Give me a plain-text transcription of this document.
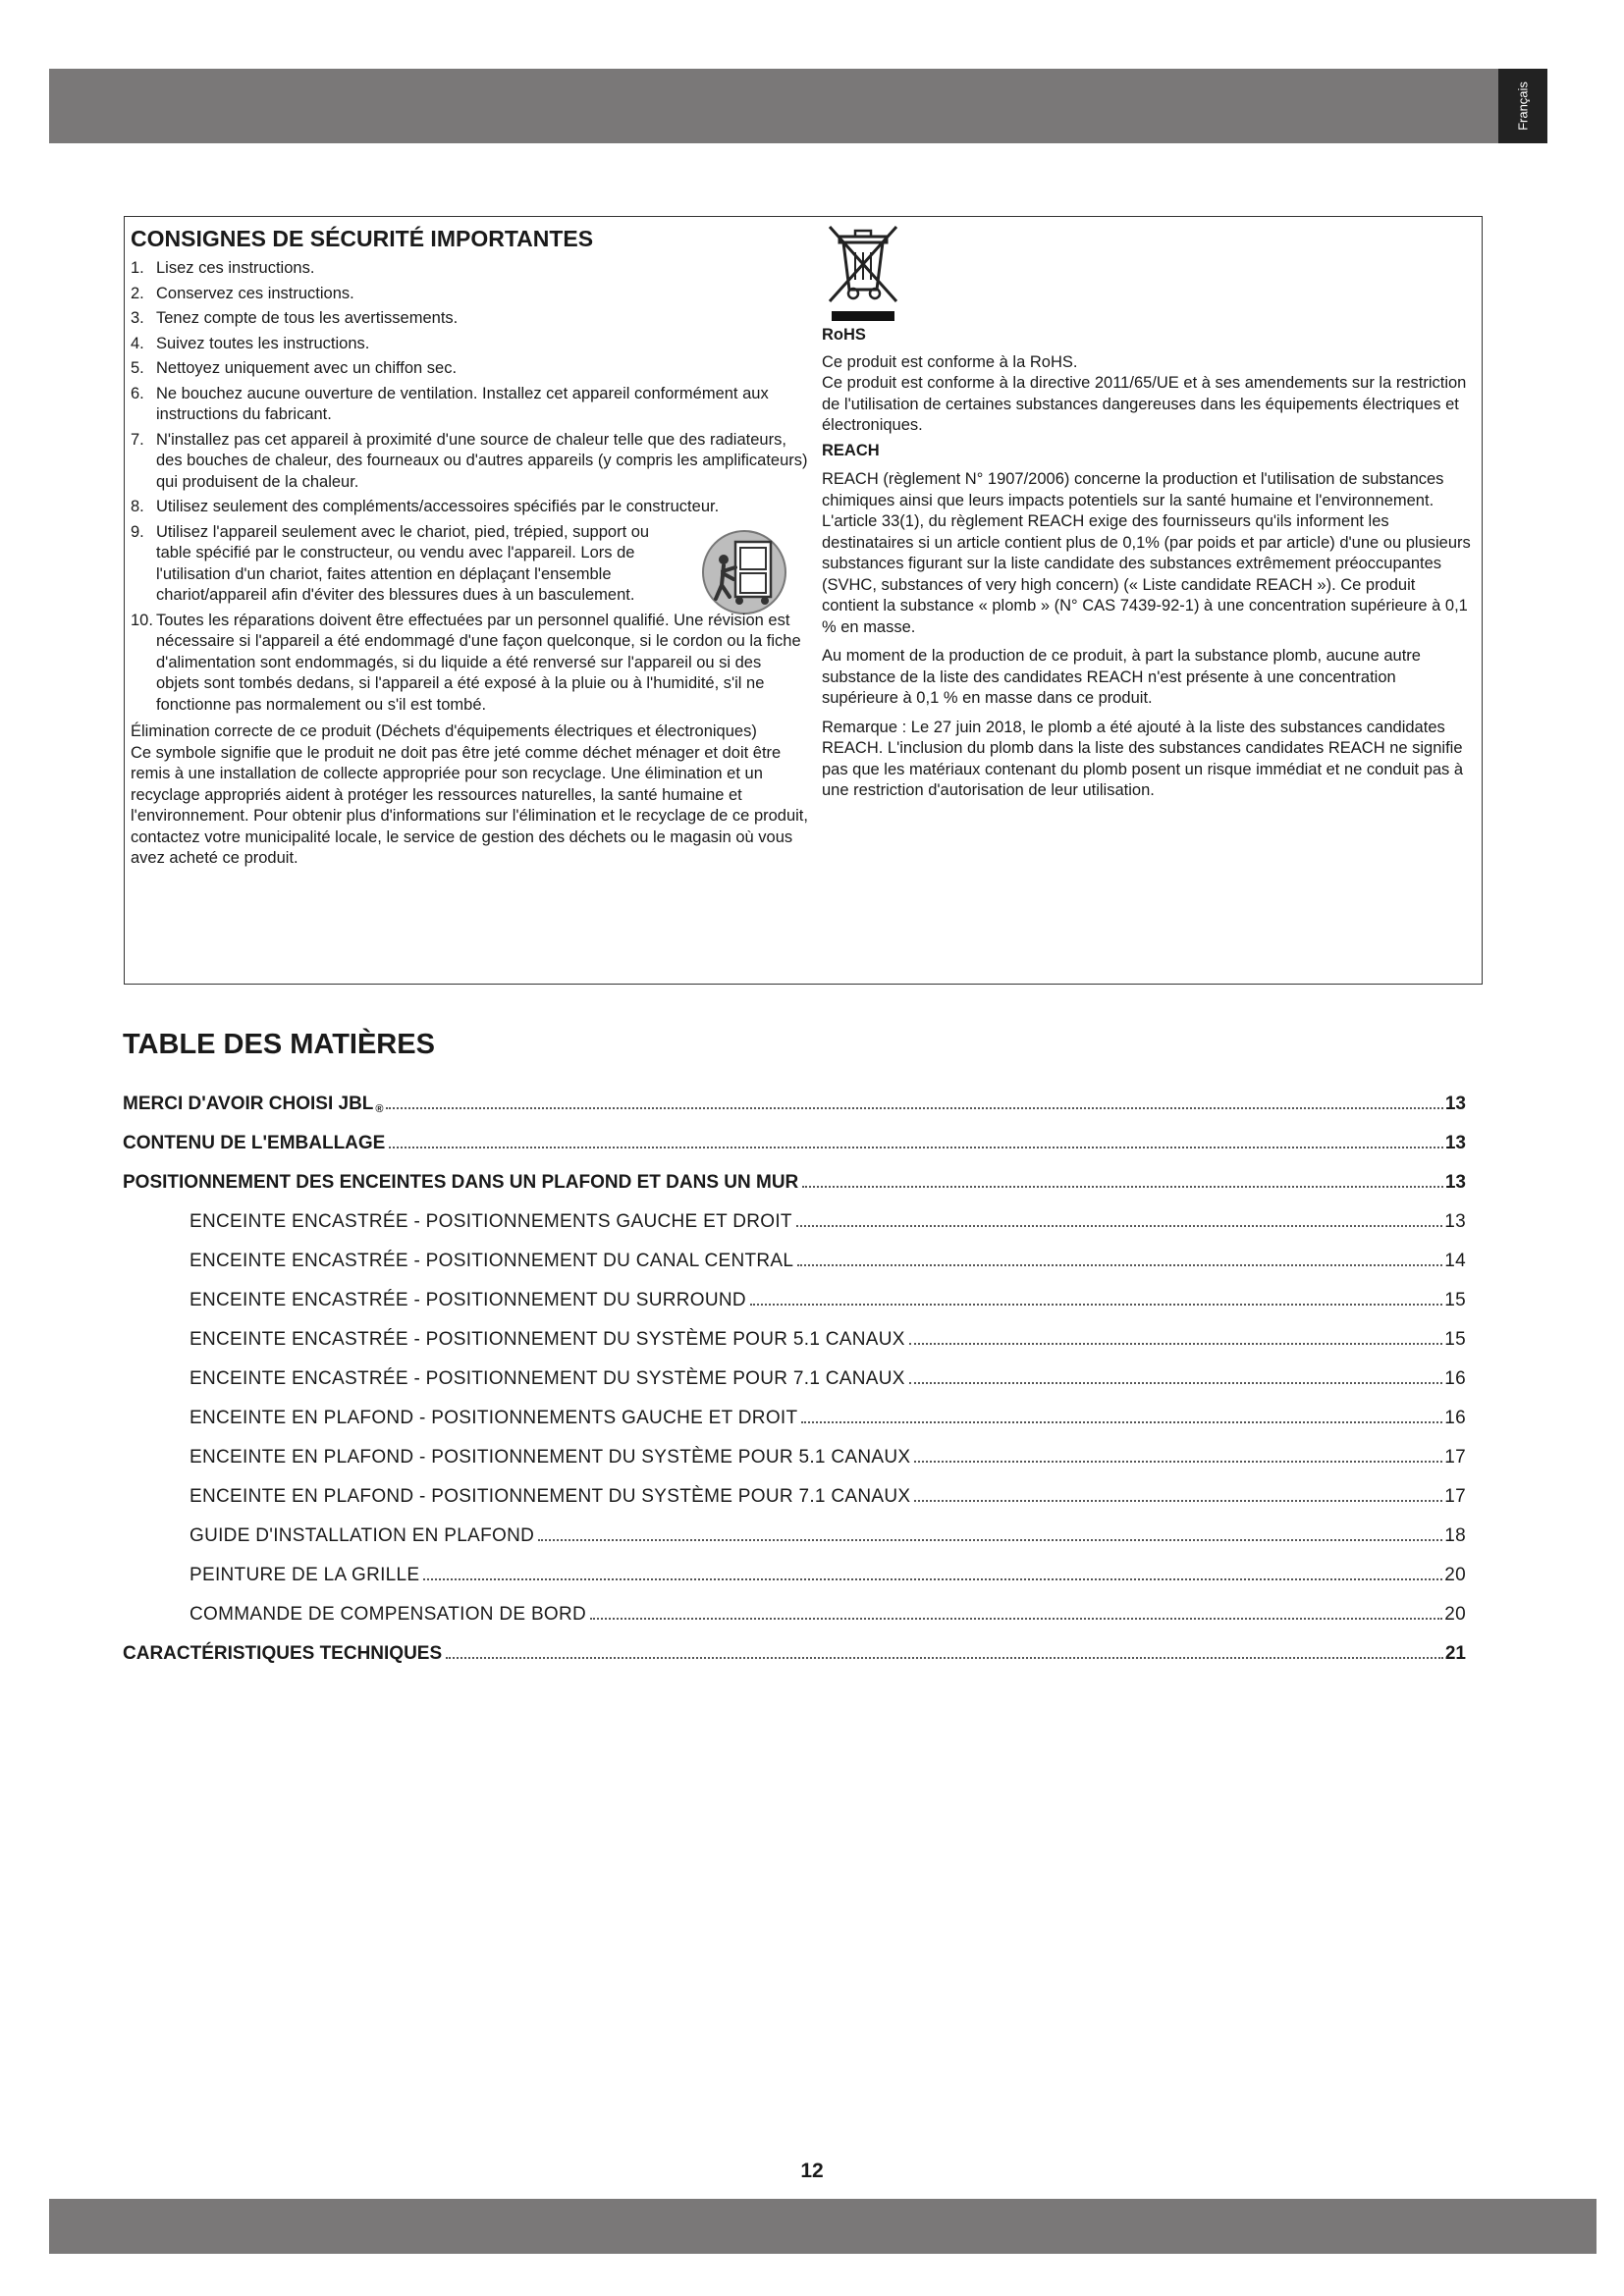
Français
CONSIGNES DE SÉCURITÉ IMPORTANTES
1. Lisez ces instructions.
2. Conservez ces instructions.
3. Tenez compte de tous les avertissements.
4. Suivez toutes les instructions.
5. Nettoyez uniquement avec un chiffon sec.
6. Ne bouchez aucune ouverture de ventilation. Installez cet appareil conformément aux instructions du fabricant.
7. N'installez pas cet appareil à proximité d'une source de chaleur telle que des radiateurs, des bouches de chaleur, des fourneaux ou d'autres appareils (y compris les amplificateurs) qui produisent de la chaleur.
8. Utilisez seulement des compléments/accessoires spécifiés par le constructeur.
9. Utilisez l'appareil seulement avec le chariot, pied, trépied, support ou table spécifié par le constructeur, ou vendu avec l'appareil. Lors de l'utilisation d'un chariot, faites attention en déplaçant l'ensemble chariot/appareil afin d'éviter des blessures dues à un basculement.
10. Toutes les réparations doivent être effectuées par un personnel qualifié. Une révision est nécessaire si l'appareil a été endommagé d'une façon quelconque, si le cordon ou la fiche d'alimentation sont endommagés, si du liquide a été renversé sur l'appareil ou si des objets sont tombés dedans, si l'appareil a été exposé à la pluie ou à l'humidité, s'il ne fonctionne pas normalement ou s'il est tombé.
Élimination correcte de ce produit (Déchets d'équipements électriques et électroniques)
Ce symbole signifie que le produit ne doit pas être jeté comme déchet ménager et doit être remis à une installation de collecte appropriée pour son recyclage. Une élimination et un recyclage appropriés aident à protéger les ressources naturelles, la santé humaine et l'environnement. Pour obtenir plus d'informations sur l'élimination et le recyclage de ce produit, contactez votre municipalité locale, le service de gestion des déchets ou le magasin où vous avez acheté ce produit.
RoHS
Ce produit est conforme à la RoHS.
Ce produit est conforme à la directive 2011/65/UE et à ses amendements sur la restriction de l'utilisation de certaines substances dangereuses dans les équipements électriques et électroniques.
REACH
REACH (règlement N° 1907/2006) concerne la production et l'utilisation de substances chimiques ainsi que leurs impacts potentiels sur la santé humaine et l'environnement. L'article 33(1), du règlement REACH exige des fournisseurs qu'ils informent les destinataires si un article contient plus de 0,1% (par poids et par article) d'une ou plusieurs substances figurant sur la liste candidate des substances extrêmement préoccupantes (SVHC, substances of very high concern) (« Liste candidate REACH »). Ce produit contient la substance « plomb » (N° CAS 7439-92-1) à une concentration supérieure à 0,1 % en masse.
Au moment de la production de ce produit, à part la substance plomb, aucune autre substance de la liste des candidates REACH n'est présente à une concentration supérieure à 0,1 % en masse dans ce produit.
Remarque : Le 27 juin 2018, le plomb a été ajouté à la liste des substances candidates REACH. L'inclusion du plomb dans la liste des substances candidates REACH ne signifie pas que les matériaux contenant du plomb posent un risque immédiat et ne conduit pas à une restriction d'autorisation de leur utilisation.
TABLE DES MATIÈRES
MERCI D'AVOIR CHOISI $JBL_®$	13
CONTENU DE L'EMBALLAGE	13
POSITIONNEMENT DES ENCEINTES DANS UN PLAFOND ET DANS UN MUR	13
ENCEINTE ENCASTRÉE - POSITIONNEMENTS GAUCHE ET DROIT	13
ENCEINTE ENCASTRÉE - POSITIONNEMENT DU CANAL CENTRAL	14
ENCEINTE ENCASTRÉE - POSITIONNEMENT DU SURROUND	15
ENCEINTE ENCASTRÉE - POSITIONNEMENT DU SYSTÈME POUR 5.1 CANAUX	15
ENCEINTE ENCASTRÉE - POSITIONNEMENT DU SYSTÈME POUR 7.1 CANAUX	16
ENCEINTE EN PLAFOND - POSITIONNEMENTS GAUCHE ET DROIT	16
ENCEINTE EN PLAFOND - POSITIONNEMENT DU SYSTÈME POUR 5.1 CANAUX	17
ENCEINTE EN PLAFOND - POSITIONNEMENT DU SYSTÈME POUR 7.1 CANAUX	17
GUIDE D'INSTALLATION EN PLAFOND	18
PEINTURE DE LA GRILLE	20
COMMANDE DE COMPENSATION DE BORD	20
CARACTÉRISTIQUES TECHNIQUES	21
12
